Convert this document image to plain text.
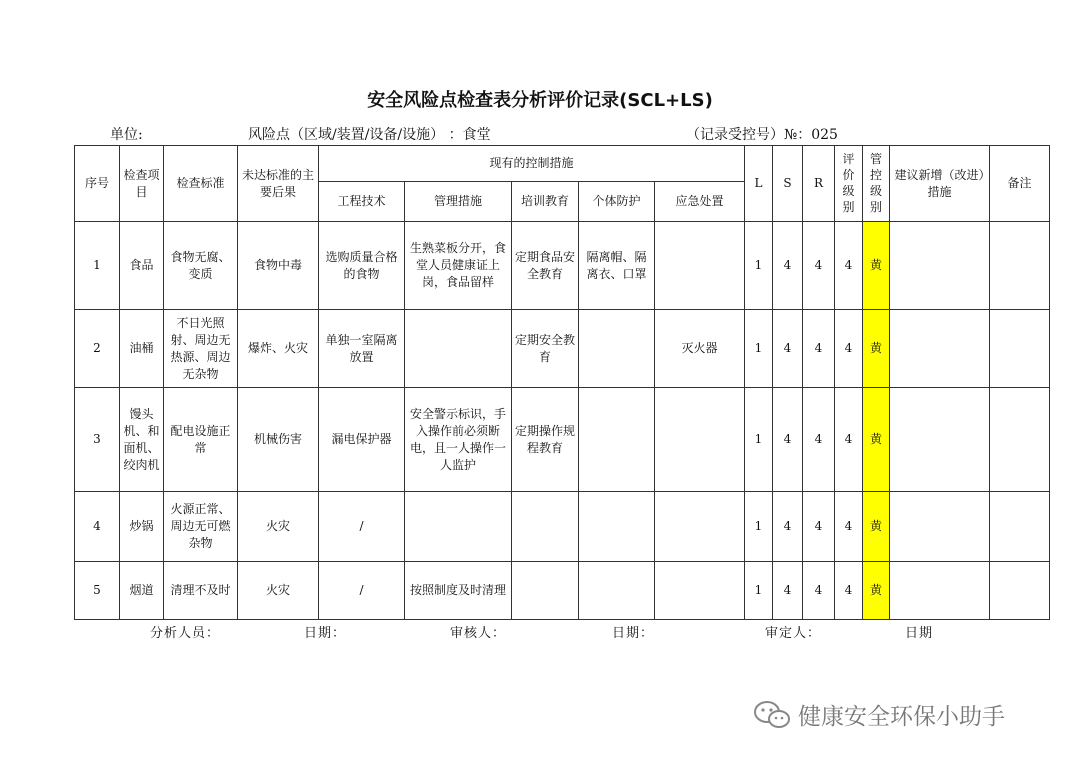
安全风险点检查表分析评价记录(SCL+LS)
单位:	风险点（区域/装置/设备/设施） ：食堂	（记录受控号）№：025
序号	检查项目	检查标准	未达标准的主要后果	现有的控制措施					L	S	R	评价级别	管控级别	建议新增（改进）措施	备注
				工程技术	管理措施	培训教育	个体防护	应急处置							
1	食品	食物无腐、变质	食物中毒	选购质量合格的食物	生熟菜板分开，食堂人员健康证上岗，食品留样	定期食品安全教育	隔离帽、隔离衣、口罩		1	4	4	4	黄		
2	油桶	不日光照射、周边无热源、周边无杂物	爆炸、火灾	单独一室隔离放置		定期安全教育		灭火器	1	4	4	4	黄		
3	馒头机、和面机、绞肉机	配电设施正常	机械伤害	漏电保护器	安全警示标识，手入操作前必须断电，且一人操作一人监护	定期操作规程教育			1	4	4	4	黄		
4	炒锅	火源正常、周边无可燃杂物	火灾	/					1	4	4	4	黄		
5	烟道	清理不及时	火灾	/	按照制度及时清理				1	4	4	4	黄		
分析人员：	日期：	审核人：	日期：	审定人：	日期
健康安全环保小助手
